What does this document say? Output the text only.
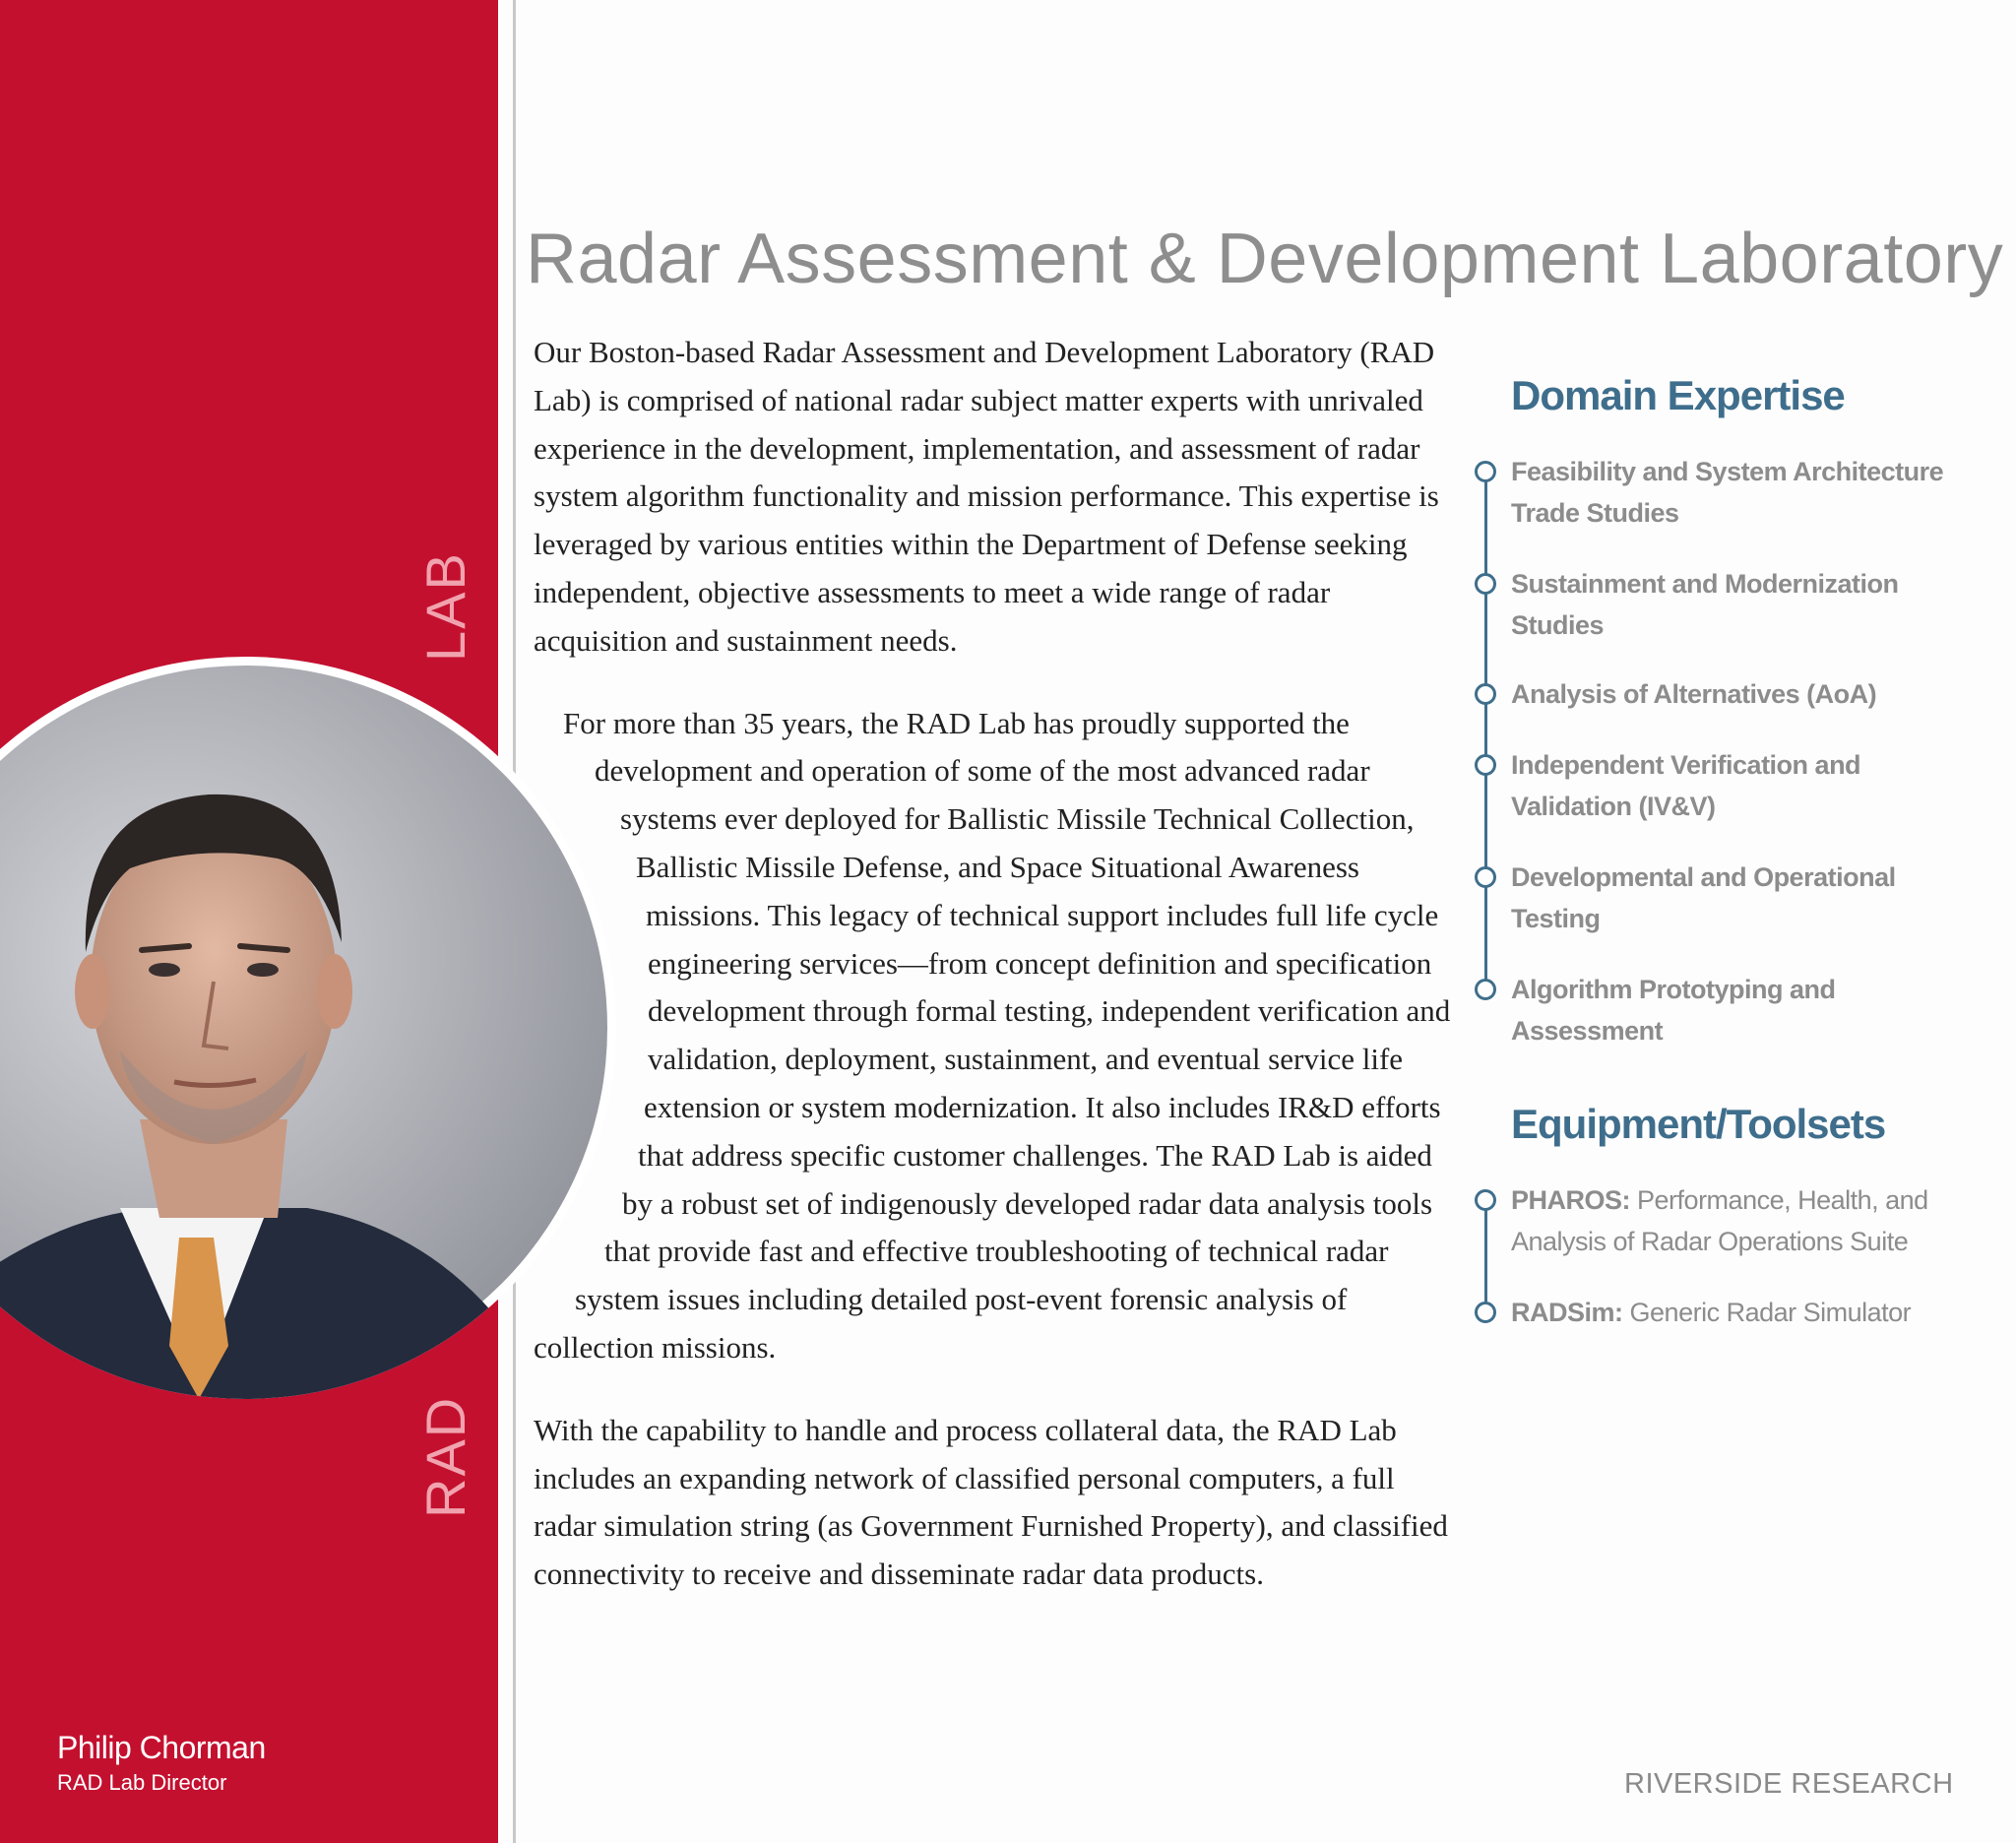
LAB
RAD
Philip Chorman
RAD Lab Director
Radar Assessment & Development Laboratory

Our Boston-based Radar Assessment and Development Laboratory (RAD Lab) is comprised of national radar subject matter experts with unrivaled experience in the development, implementation, and assessment of radar system algorithm functionality and mission performance. This expertise is leveraged by various entities within the Department of Defense seeking independent, objective assessments to meet a wide range of radar acquisition and sustainment needs.

For more than 35 years, the RAD Lab has proudly supported the development and operation of some of the most advanced radar systems ever deployed for Ballistic Missile Technical Collection, Ballistic Missile Defense, and Space Situational Awareness missions. This legacy of technical support includes full life cycle engineering services—from concept definition and specification development through formal testing, independent verification and validation, deployment, sustainment, and eventual service life extension or system modernization. It also includes IR&D efforts that address specific customer challenges. The RAD Lab is aided by a robust set of indigenously developed radar data analysis tools that provide fast and effective troubleshooting of technical radar system issues including detailed post-event forensic analysis of collection missions.

With the capability to handle and process collateral data, the RAD Lab includes an expanding network of classified personal computers, a full radar simulation string (as Government Furnished Property), and classified connectivity to receive and disseminate radar data products.

Domain Expertise
Feasibility and System Architecture Trade Studies
Sustainment and Modernization Studies
Analysis of Alternatives (AoA)
Independent Verification and Validation (IV&V)
Developmental and Operational Testing
Algorithm Prototyping and Assessment
Equipment/Toolsets
PHAROS: Performance, Health, and Analysis of Radar Operations Suite
RADSim: Generic Radar Simulator
RIVERSIDE RESEARCH
